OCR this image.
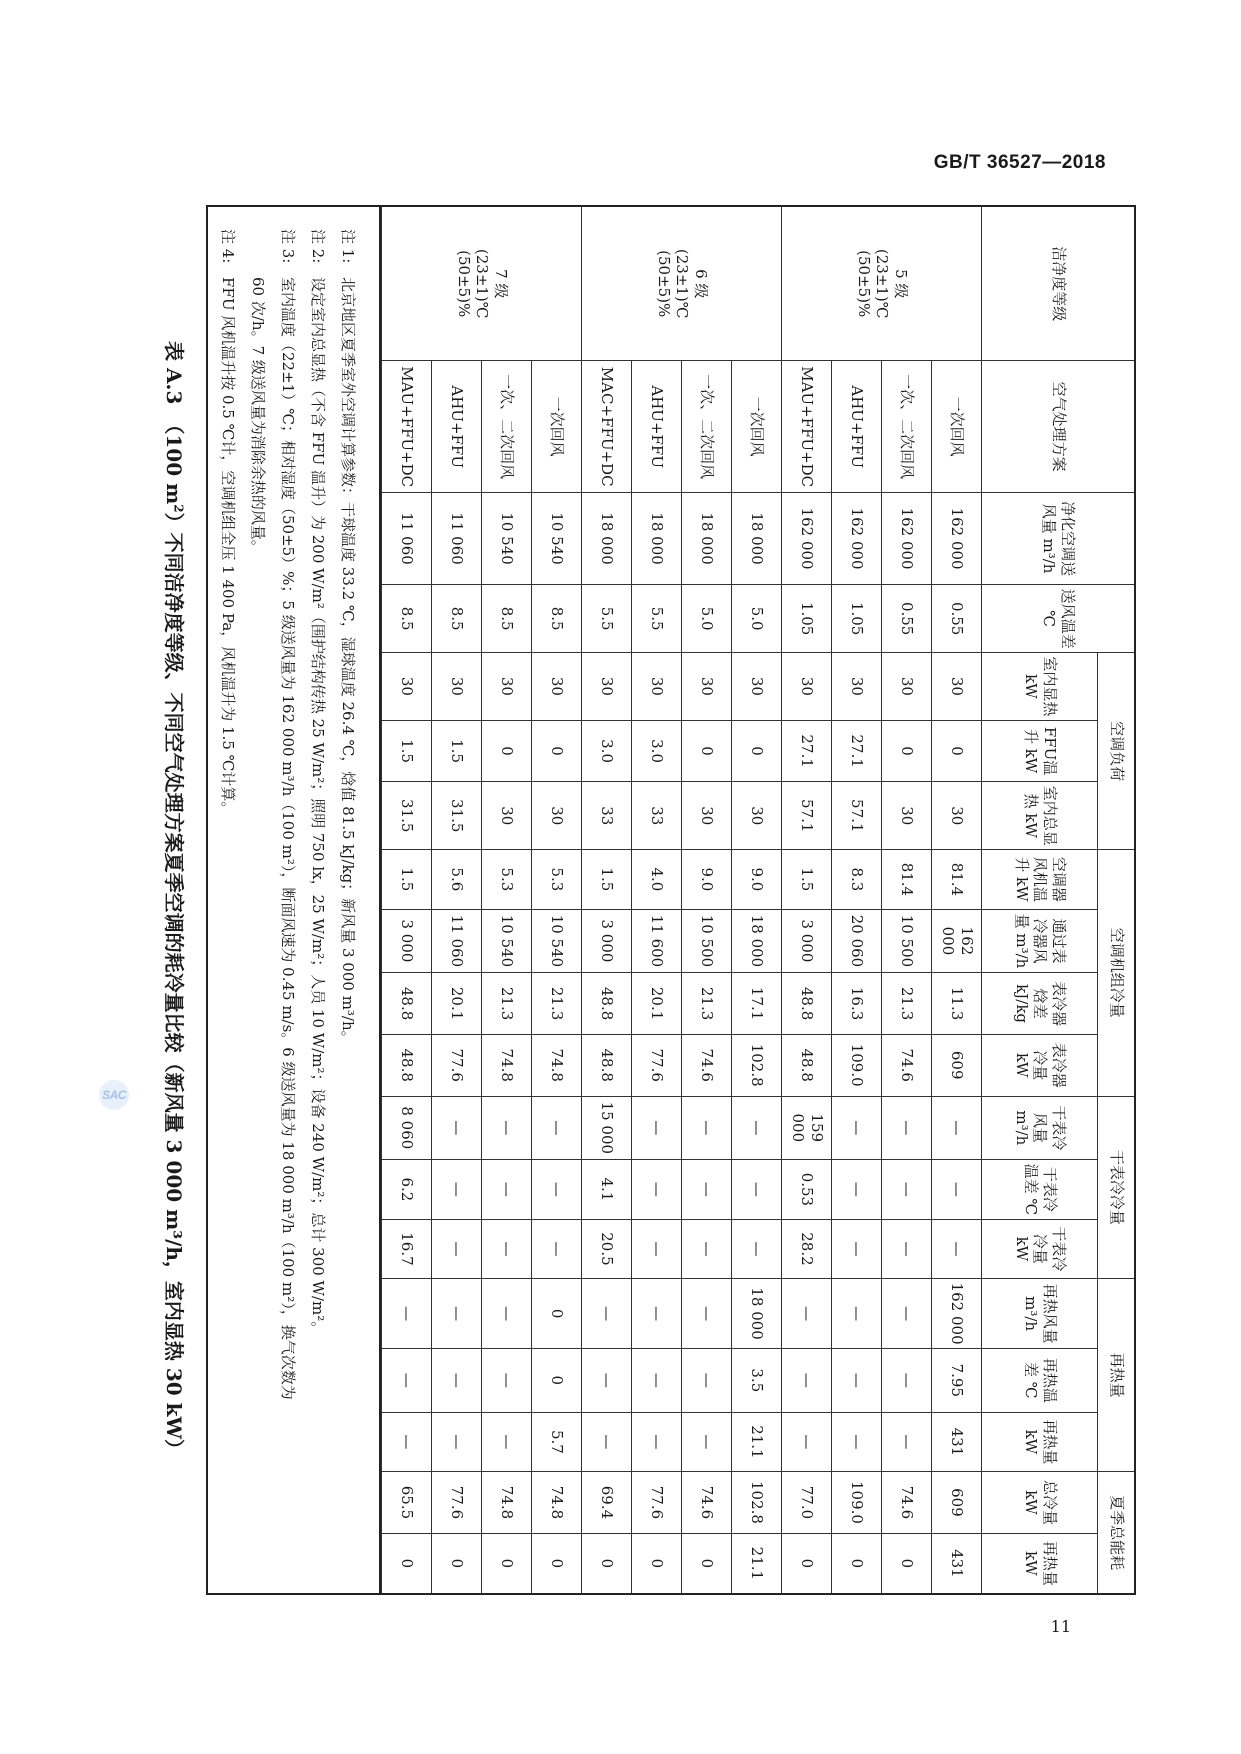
GB/T 36527—2018
SAC
11
表 A.3　（100 $m^2$）不同洁净度等级、不同空气处理方案夏季空调的耗冷量比较（新风量 3 000 m³/h，室内显热 30 kW）
洁净度等级	空气处理方案	净化空调送风量 m³/h	送风温差 ℃	空调负荷			空调机组冷量				干表冷冷量			再热量			夏季总能耗	
				室内显热 kW	FFU温升 kW	室内总显热 kW	空调器风机温升 kW	通过表冷器风量 m³/h	表冷器焓差 kJ/kg	表冷器冷量 kW	干表冷风量 m³/h	干表冷温差 ℃	干表冷冷量 kW	再热风量 m³/h	再热温差 ℃	再热量 kW	总冷量 kW	再热量 kW

5 级
(23±1)℃
(50±5)%	一次回风	162 000	0.55	30	0	30	81.4	162 000	11.3	609	—	—	—	162 000	7.95	431	609	431
	一次、二次回风	162 000	0.55	30	0	30	81.4	10 500	21.3	74.6	—	—	—	—	—	—	74.6	0
	AHU+FFU	162 000	1.05	30	27.1	57.1	8.3	20 060	16.3	109.0	—	—	—	—	—	—	109.0	0
	MAU+FFU+DC	162 000	1.05	30	27.1	57.1	1.5	3 000	48.8	48.8	159 000	0.53	28.2	—	—	—	77.0	0

6 级
(23±1)℃
(50±5)%	一次回风	18 000	5.0	30	0	30	9.0	18 000	17.1	102.8	—	—	—	18 000	3.5	21.1	102.8	21.1
	一次、二次回风	18 000	5.0	30	0	30	9.0	10 500	21.3	74.6	—	—	—	—	—	—	74.6	0
	AHU+FFU	18 000	5.5	30	3.0	33	4.0	11 600	20.1	77.6	—	—	—	—	—	—	77.6	0
	MAC+FFU+DC	18 000	5.5	30	3.0	33	1.5	3 000	48.8	48.8	15 000	4.1	20.5	—	—	—	69.4	0

7 级
(23±1)℃
(50±5)%	一次回风	10 540	8.5	30	0	30	5.3	10 540	21.3	74.8	—	—	—	0	0	5.7	74.8	0
	一次、二次回风	10 540	8.5	30	0	30	5.3	10 540	21.3	74.8	—	—	—	—	—	—	74.8	0
	AHU+FFU	11 060	8.5	30	1.5	31.5	5.6	11 060	20.1	77.6	—	—	—	—	—	—	77.6	0
	MAU+FFU+DC	11 060	8.5	30	1.5	31.5	1.5	3 000	48.8	48.8	8 060	6.2	16.7	—	—	—	65.5	0
注 1:
北京地区夏季室外空调计算参数：干球温度 33.2 ℃，湿球温度 26.4 ℃，焓值 81.5 kJ/kg；新风量 3 000 m³/h。
注 2:
设定室内总显热（不含 FFU 温升）为 200 W/m²（围护结构传热 25 W/m²；照明 750 lx，25 W/m²；人员 10 W/m²；设备 240 W/m²；总计 300 W/m²。
注 3:
室内温度（22±1）℃；相对湿度（50±5）%；5 级送风量为 162 000 m³/h（100 m²），断面风速为 0.45 m/s。6 级送风量为 18 000 m³/h（100 m²），换气次数为
60 次/h。7 级送风量为消除余热的风量。
注 4:
FFU 风机温升按 0.5 ℃计，空调机组全压 1 400 Pa，风机温升为 1.5 ℃计算。
